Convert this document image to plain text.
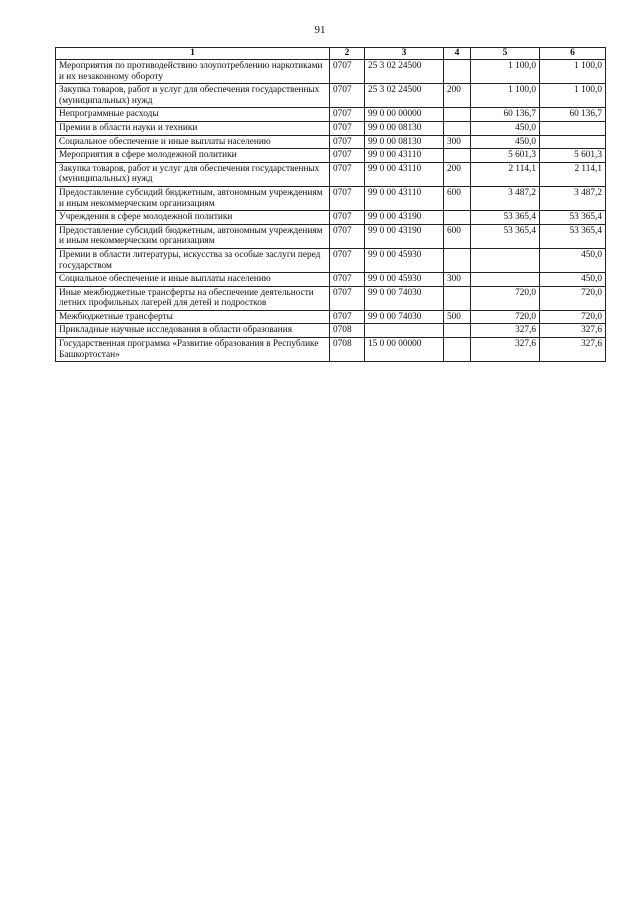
91
1	2	3	4	5	6
Мероприятия по противодействию злоупотреблению наркотиками и их незаконному обороту	0707	25 3 02 24500		1 100,0	1 100,0
Закупка товаров, работ и услуг для обеспечения государственных (муниципальных) нужд	0707	25 3 02 24500	200	1 100,0	1 100,0
Непрограммные расходы	0707	99 0 00 00000		60 136,7	60 136,7
Премии в области науки и техники	0707	99 0 00 08130		450,0	
Социальное обеспечение и иные выплаты населению	0707	99 0 00 08130	300	450,0	
Мероприятия в сфере молодежной политики	0707	99 0 00 43110		5 601,3	5 601,3
Закупка товаров, работ и услуг для обеспечения государственных (муниципальных) нужд	0707	99 0 00 43110	200	2 114,1	2 114,1
Предоставление субсидий бюджетным, автономным учреждениям и иным некоммерческим организациям	0707	99 0 00 43110	600	3 487,2	3 487,2
Учреждения в сфере молодежной политики	0707	99 0 00 43190		53 365,4	53 365,4
Предоставление субсидий бюджетным, автономным учреждениям и иным некоммерческим организациям	0707	99 0 00 43190	600	53 365,4	53 365,4
Премии в области литературы, искусства за особые заслуги перед государством	0707	99 0 00 45930			450,0
Социальное обеспечение и иные выплаты населению	0707	99 0 00 45930	300		450,0
Иные межбюджетные трансферты на обеспечение деятельности летних профильных лагерей для детей и подростков	0707	99 0 00 74030		720,0	720,0
Межбюджетные трансферты	0707	99 0 00 74030	500	720,0	720,0
Прикладные научные исследования в области образования	0708			327,6	327,6
Государственная программа «Развитие образования в Республике Башкортостан»	0708	15 0 00 00000		327,6	327,6
